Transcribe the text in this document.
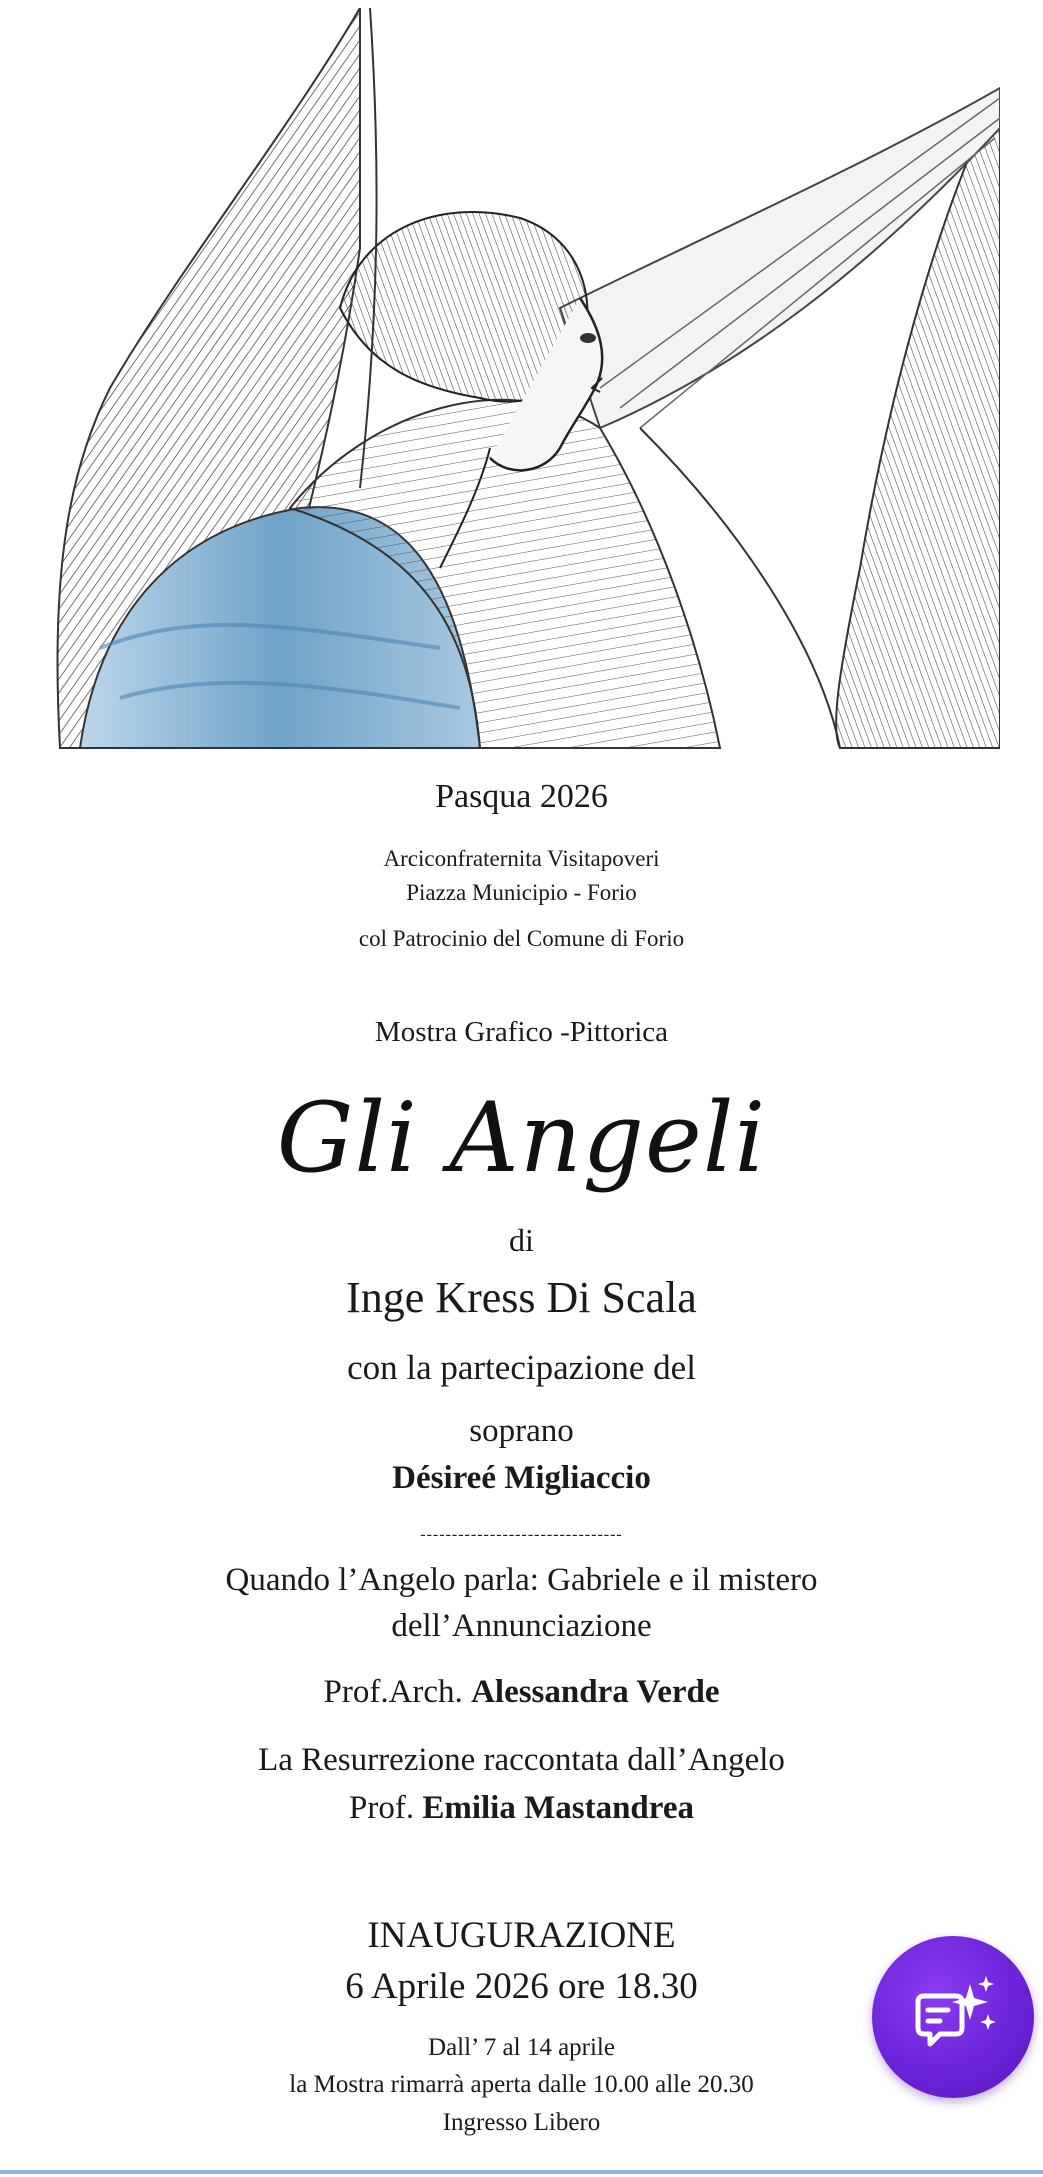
Pasqua 2026
Arciconfraternita Visitapoveri
Piazza Municipio - Forio
col Patrocinio del Comune di Forio
Mostra Grafico -Pittorica
Gli Angeli
di
Inge Kress Di Scala
con la partecipazione del
soprano
Désireé Migliaccio
--------------------------------
Quando l’Angelo parla: Gabriele e il mistero
dell’Annunciazione
Prof.Arch. Alessandra Verde
La Resurrezione raccontata dall’Angelo
Prof. Emilia Mastandrea
INAUGURAZIONE
6 Aprile 2026 ore 18.30
Dall’ 7 al 14 aprile
la Mostra rimarrà aperta dalle 10.00 alle 20.30
Ingresso Libero
